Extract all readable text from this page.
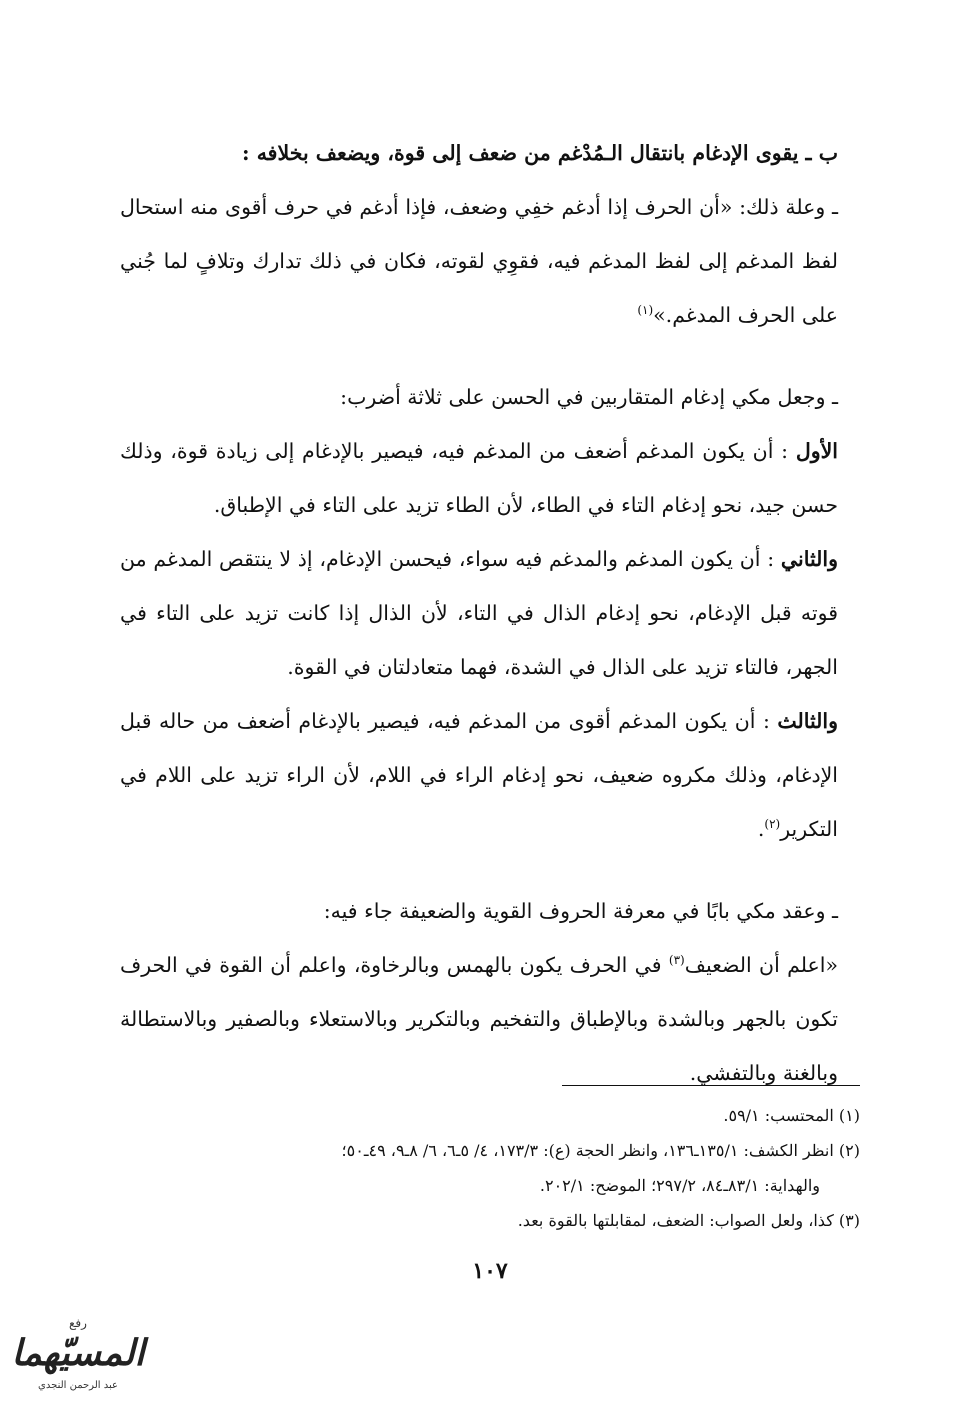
ب ـ يقوى الإدغام بانتقال الـمُدْغم من ضعف إلى قوة، ويضعف بخلافه :

ـ وعلة ذلك: «أن الحرف إذا أدغم خفِي وضعف، فإذا أدغم في حرف أقوى منه استحال لفظ المدغم إلى لفظ المدغم فيه، فقوِي لقوته، فكان في ذلك تدارك وتلافٍ لما جُني على الحرف المدغم.»$^{(١)}$

ـ وجعل مكي إدغام المتقاربين في الحسن على ثلاثة أضرب:

الأول : أن يكون المدغم أضعف من المدغم فيه، فيصير بالإدغام إلى زيادة قوة، وذلك حسن جيد، نحو إدغام التاء في الطاء، لأن الطاء تزيد على التاء في الإطباق.

والثاني : أن يكون المدغم والمدغم فيه سواء، فيحسن الإدغام، إذ لا ينتقص المدغم من قوته قبل الإدغام، نحو إدغام الذال في التاء، لأن الذال إذا كانت تزيد على التاء في الجهر، فالتاء تزيد على الذال في الشدة، فهما متعادلتان في القوة.

والثالث : أن يكون المدغم أقوى من المدغم فيه، فيصير بالإدغام أضعف من حاله قبل الإدغام، وذلك مكروه ضعيف، نحو إدغام الراء في اللام، لأن الراء تزيد على اللام في التكرير$^{(٢)}$.

ـ وعقد مكي بابًا في معرفة الحروف القوية والضعيفة جاء فيه:

«اعلم أن الضعيف$^{(٣)}$ في الحرف يكون بالهمس وبالرخاوة، واعلم أن القوة في الحرف تكون بالجهر وبالشدة وبالإطباق والتفخيم وبالتكرير وبالاستعلاء وبالصفير وبالاستطالة وبالغنة وبالتفشي.

(١) المحتسب: ٥٩/١.

(٢) انظر الكشف: ١٣٥/١ـ١٣٦، وانظر الحجة (ع): ١٧٣/٣، ٤/ ٥ـ٦، ٦/ ٨ـ٩، ٤٩ـ٥٠؛

والهداية: ٨٣/١ـ٨٤، ٢٩٧/٢؛ الموضح: ٢٠٢/١.

(٣) كذا، ولعل الصواب: الضعف، لمقابلتها بالقوة بعد.

١٠٧
رفع
المسيّهما
عبد الرحمن النجدي
